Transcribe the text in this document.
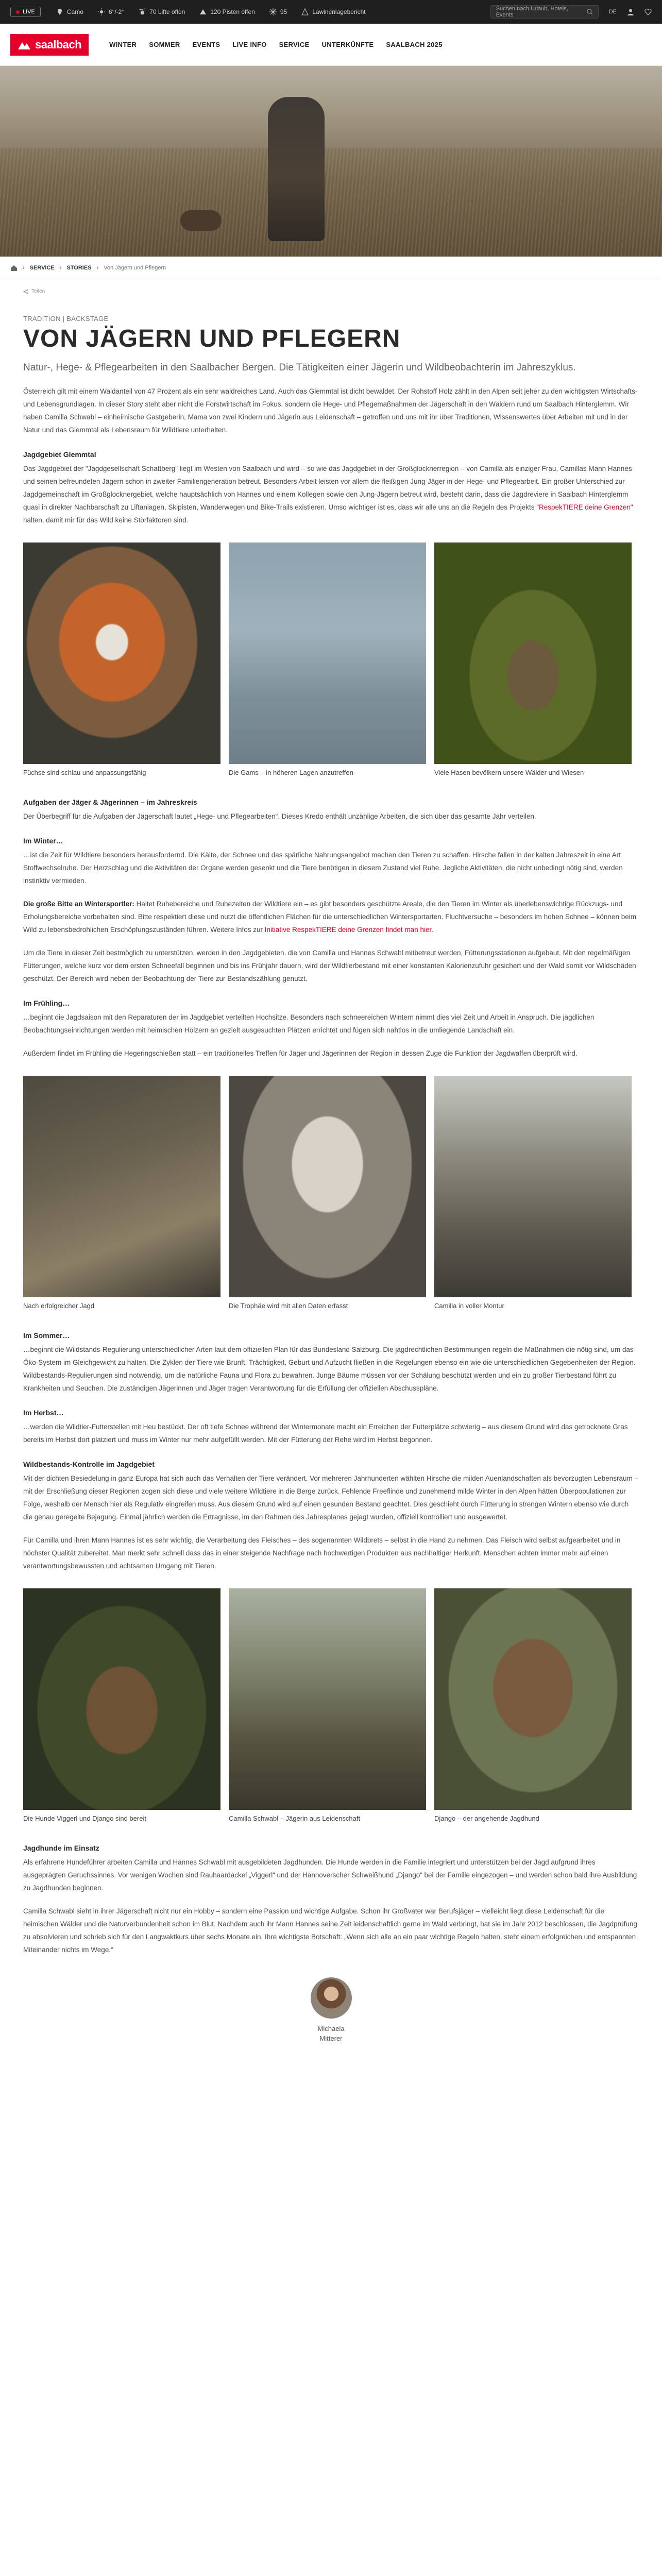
LIVE	Camo	6°/-2°	70 Lifte offen	120 Pisten offen	95	Lawinenlagebericht	Suchen nach Urlaub, Hotels, Events	DE
saalbach	WINTER SOMMER EVENTS LIVE INFO SERVICE UNTERKÜNFTE SAALBACH 2025
› SERVICE › STORIES › Von Jägern und Pflegern
Teilen
TRADITION | BACKSTAGE
VON JÄGERN UND PFLEGERN

Natur-, Hege- & Pflegearbeiten in den Saalbacher Bergen. Die Tätigkeiten einer Jägerin und Wildbeobachterin im Jahreszyklus.

Österreich gilt mit einem Waldanteil von 47 Prozent als ein sehr waldreiches Land. Auch das Glemmtal ist dicht bewaldet. Der Rohstoff Holz zählt in den Alpen seit jeher zu den wichtigsten Wirtschafts- und Lebensgrundlagen. In dieser Story steht aber nicht die Forstwirtschaft im Fokus, sondern die Hege- und Pflegemaßnahmen der Jägerschaft in den Wäldern rund um Saalbach Hinterglemm. Wir haben Camilla Schwabl – einheimische Gastgeberin, Mama von zwei Kindern und Jägerin aus Leidenschaft – getroffen und uns mit ihr über Traditionen, Wissenswertes über Arbeiten mit und in der Natur und das Glemmtal als Lebensraum für Wildtiere unterhalten.

Jagdgebiet Glemmtal

Das Jagdgebiet der "Jagdgesellschaft Schattberg" liegt im Westen von Saalbach und wird – so wie das Jagdgebiet in der Großglocknerregion – von Camilla als einziger Frau, Camillas Mann Hannes und seinen befreundeten Jägern schon in zweiter Familiengeneration betreut. Besonders Arbeit leisten vor allem die fleißigen Jung-Jäger in der Hege- und Pflegearbeit. Ein großer Unterschied zur Jagdgemeinschaft im Großglocknergebiet, welche hauptsächlich von Hannes und einem Kollegen sowie den Jung-Jägern betreut wird, besteht darin, dass die Jagdreviere in Saalbach Hinterglemm quasi in direkter Nachbarschaft zu Liftanlagen, Skipisten, Wanderwegen und Bike-Trails existieren. Umso wichtiger ist es, dass wir alle uns an die Regeln des Projekts "RespekTIERE deine Grenzen" halten, damit mir für das Wild keine Störfaktoren sind.

Füchse sind schlau und anpassungsfähig	Die Gams – in höheren Lagen anzutreffen	Viele Hasen bevölkern unsere Wälder und Wiesen
Aufgaben der Jäger & Jägerinnen – im Jahreskreis

Der Überbegriff für die Aufgaben der Jägerschaft lautet „Hege- und Pflegearbeiten“. Dieses Kredo enthält unzählige Arbeiten, die sich über das gesamte Jahr verteilen.

Im Winter…

…ist die Zeit für Wildtiere besonders herausfordernd. Die Kälte, der Schnee und das spärliche Nahrungsangebot machen den Tieren zu schaffen. Hirsche fallen in der kalten Jahreszeit in eine Art Stoffwechselruhe. Der Herzschlag und die Aktivitäten der Organe werden gesenkt und die Tiere benötigen in diesem Zustand viel Ruhe. Jegliche Aktivitäten, die nicht unbedingt nötig sind, werden instinktiv vermieden.

Die große Bitte an Wintersportler: Haltet Ruhebereiche und Ruhezeiten der Wildtiere ein – es gibt besonders geschützte Areale, die den Tieren im Winter als überlebenswichtige Rückzugs- und Erholungsbereiche vorbehalten sind. Bitte respektiert diese und nutzt die öffentlichen Flächen für die unterschiedlichen Wintersportarten. Fluchtversuche – besonders im hohen Schnee – können beim Wild zu lebensbedrohlichen Erschöpfungszuständen führen. Weitere Infos zur Initiative RespekTIERE deine Grenzen findet man hier.

Um die Tiere in dieser Zeit bestmöglich zu unterstützen, werden in den Jagdgebieten, die von Camilla und Hannes Schwabl mitbetreut werden, Fütterungsstationen aufgebaut. Mit den regelmäßigen Fütterungen, welche kurz vor dem ersten Schneefall beginnen und bis ins Frühjahr dauern, wird der Wildtierbestand mit einer konstanten Kalorienzufuhr gesichert und der Wald somit vor Wildschäden geschützt. Der Bereich wird neben der Beobachtung der Tiere zur Bestandszählung genutzt.

Im Frühling…

…beginnt die Jagdsaison mit den Reparaturen der im Jagdgebiet verteilten Hochsitze. Besonders nach schneereichen Wintern nimmt dies viel Zeit und Arbeit in Anspruch. Die jagdlichen Beobachtungseinrichtungen werden mit heimischen Hölzern an gezielt ausgesuchten Plätzen errichtet und fügen sich nahtlos in die umliegende Landschaft ein.

Außerdem findet im Frühling die Hegeringschießen statt – ein traditionelles Treffen für Jäger und Jägerinnen der Region in dessen Zuge die Funktion der Jagdwaffen überprüft wird.

Nach erfolgreicher Jagd	Die Trophäe wird mit allen Daten erfasst	Camilla in voller Montur
Im Sommer…

…beginnt die Wildstands-Regulierung unterschiedlicher Arten laut dem offiziellen Plan für das Bundesland Salzburg. Die jagdrechtlichen Bestimmungen regeln die Maßnahmen die nötig sind, um das Öko-System im Gleichgewicht zu halten. Die Zyklen der Tiere wie Brunft, Trächtigkeit, Geburt und Aufzucht fließen in die Regelungen ebenso ein wie die unterschiedlichen Gegebenheiten der Region. Wildbestands-Regulierungen sind notwendig, um die natürliche Fauna und Flora zu bewahren. Junge Bäume müssen vor der Schälung beschützt werden und ein zu großer Tierbestand führt zu Krankheiten und Seuchen. Die zuständigen Jägerinnen und Jäger tragen Verantwortung für die Erfüllung der offiziellen Abschusspläne.

Im Herbst…

…werden die Wildtier-Futterstellen mit Heu bestückt. Der oft tiefe Schnee während der Wintermonate macht ein Erreichen der Futterplätze schwierig – aus diesem Grund wird das getrocknete Gras bereits im Herbst dort platziert und muss im Winter nur mehr aufgefüllt werden. Mit der Fütterung der Rehe wird im Herbst begonnen.

Wildbestands-Kontrolle im Jagdgebiet

Mit der dichten Besiedelung in ganz Europa hat sich auch das Verhalten der Tiere verändert. Vor mehreren Jahrhunderten wählten Hirsche die milden Auenlandschaften als bevorzugten Lebensraum – mit der Erschließung dieser Regionen zogen sich diese und viele weitere Wildtiere in die Berge zurück. Fehlende Freeflinde und zunehmend milde Winter in den Alpen hätten Überpopulationen zur Folge, weshalb der Mensch hier als Regulativ eingreifen muss. Aus diesem Grund wird auf einen gesunden Bestand geachtet. Dies geschieht durch Fütterung in strengen Wintern ebenso wie durch die genau geregelte Bejagung. Einmal jährlich werden die Ertragnisse, im den Rahmen des Jahresplanes gejagt wurden, offiziell kontrolliert und ausgewertet.

Für Camilla und ihren Mann Hannes ist es sehr wichtig, die Verarbeitung des Fleisches – des sogenannten Wildbrets – selbst in die Hand zu nehmen. Das Fleisch wird selbst aufgearbeitet und in höchster Qualität zubereitet. Man merkt sehr schnell dass das in einer steigende Nachfrage nach hochwertigen Produkten aus nachhaltiger Herkunft. Menschen achten immer mehr auf einen verantwortungsbewussten und achtsamen Umgang mit Tieren.

Die Hunde Viggerl und Django sind bereit	Camilla Schwabl – Jägerin aus Leidenschaft	Django – der angehende Jagdhund
Jagdhunde im Einsatz

Als erfahrene Hundeführer arbeiten Camilla und Hannes Schwabl mit ausgebildeten Jagdhunden. Die Hunde werden in die Familie integriert und unterstützen bei der Jagd aufgrund ihres ausgeprägten Geruchssinnes. Vor wenigen Wochen sind Rauhaardackel „Viggerl“ und der Hannoverscher Schweißhund „Django“ bei der Familie eingezogen – und werden schon bald ihre Ausbildung zu Jagdhunden beginnen.

Camilla Schwabl sieht in ihrer Jägerschaft nicht nur ein Hobby – sondern eine Passion und wichtige Aufgabe. Schon ihr Großvater war Berufsjäger – vielleicht liegt diese Leidenschaft für die heimischen Wälder und die Naturverbundenheit schon im Blut. Nachdem auch ihr Mann Hannes seine Zeit leidenschaftlich gerne im Wald verbringt, hat sie im Jahr 2012 beschlossen, die Jagdprüfung zu absolvieren und schrieb sich für den Langwaktkurs über sechs Monate ein. Ihre wichtigste Botschaft: „Wenn sich alle an ein paar wichtige Regeln halten, steht einem erfolgreichen und entspannten Miteinander nichts im Wege.“

Michaela
Mitterer
